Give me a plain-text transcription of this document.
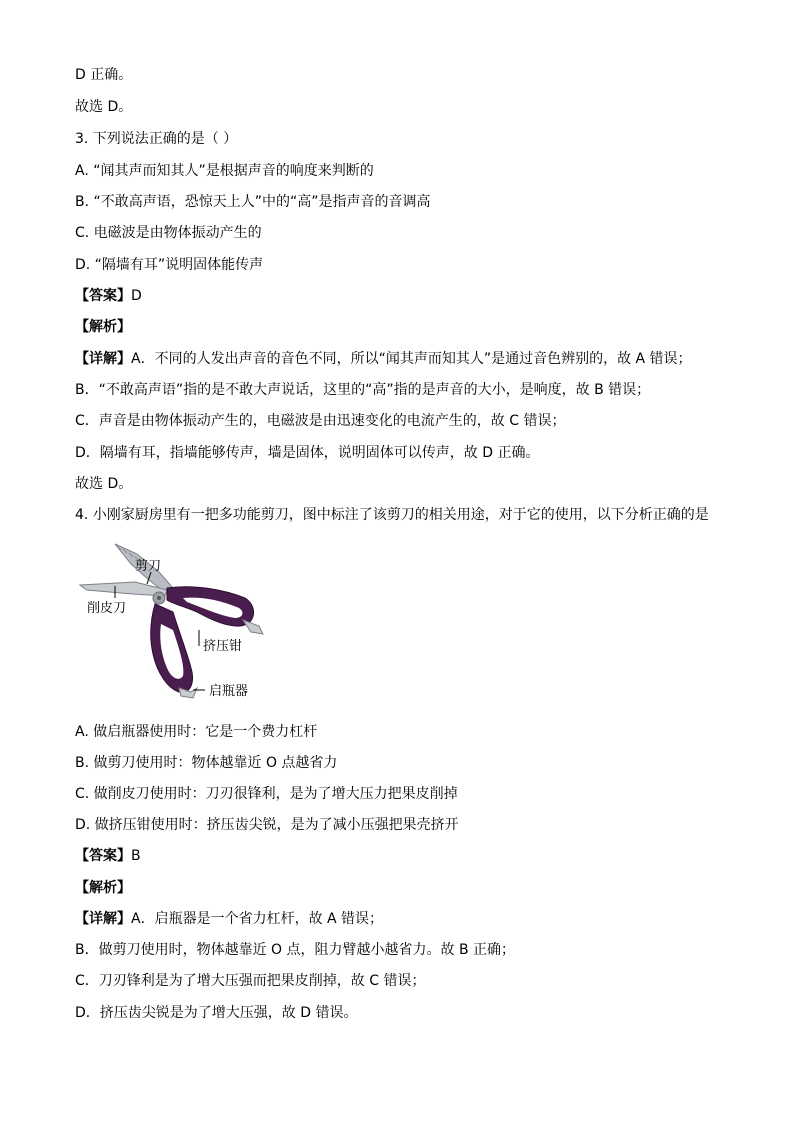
D 正确。
故选 D。
3. 下列说法正确的是（ ）
A. “闻其声而知其人”是根据声音的响度来判断的
B. “不敢高声语，恐惊天上人”中的“高”是指声音的音调高
C. 电磁波是由物体振动产生的
D. “隔墙有耳”说明固体能传声
【答案】D
【解析】
【详解】A．不同的人发出声音的音色不同，所以“闻其声而知其人”是通过音色辨别的，故 A 错误；
B．“不敢高声语”指的是不敢大声说话，这里的“高”指的是声音的大小，是响度，故 B 错误；
C．声音是由物体振动产生的，电磁波是由迅速变化的电流产生的，故 C 错误；
D．隔墙有耳，指墙能够传声，墙是固体，说明固体可以传声，故 D 正确。
故选 D。
4. 小刚家厨房里有一把多功能剪刀，图中标注了该剪刀的相关用途，对于它的使用，以下分析正确的是
剪刀
削皮刀
挤压钳
启瓶器
A. 做启瓶器使用时：它是一个费力杠杆
B. 做剪刀使用时：物体越靠近 O 点越省力
C. 做削皮刀使用时：刀刃很锋利，是为了增大压力把果皮削掉
D. 做挤压钳使用时：挤压齿尖锐，是为了减小压强把果壳挤开
【答案】B
【解析】
【详解】A．启瓶器是一个省力杠杆，故 A 错误；
B．做剪刀使用时，物体越靠近 O 点，阻力臂越小越省力。故 B 正确；
C．刀刃锋利是为了增大压强而把果皮削掉，故 C 错误；
D．挤压齿尖锐是为了增大压强，故 D 错误。
